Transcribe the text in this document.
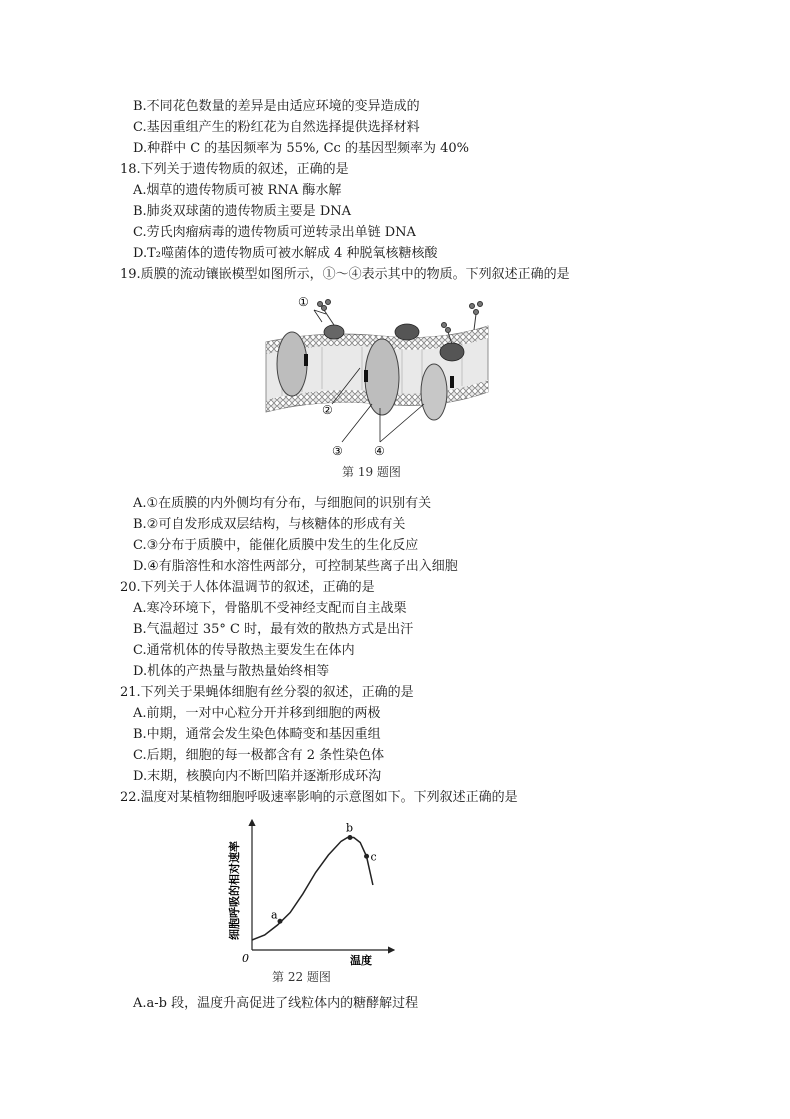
B.不同花色数量的差异是由适应环境的变异造成的
C.基因重组产生的粉红花为自然选择提供选择材料
D.种群中 C 的基因频率为 55%, Cc 的基因型频率为 40%
18.下列关于遗传物质的叙述，正确的是
A.烟草的遗传物质可被 RNA 酶水解
B.肺炎双球菌的遗传物质主要是 DNA
C.劳氏肉瘤病毒的遗传物质可逆转录出单链 DNA
D.T₂噬菌体的遗传物质可被水解成 4 种脱氧核糖核酸
19.质膜的流动镶嵌模型如图所示，①～④表示其中的物质。下列叙述正确的是
①
②
③	④
第 19 题图
A.①在质膜的内外侧均有分布，与细胞间的识别有关
B.②可自发形成双层结构，与核糖体的形成有关
C.③分布于质膜中，能催化质膜中发生的生化反应
D.④有脂溶性和水溶性两部分，可控制某些离子出入细胞
20.下列关于人体体温调节的叙述，正确的是
A.寒冷环境下，骨骼肌不受神经支配而自主战栗
B.气温超过 35° C 时，最有效的散热方式是出汗
C.通常机体的传导散热主要发生在体内
D.机体的产热量与散热量始终相等
21.下列关于果蝇体细胞有丝分裂的叙述，正确的是
A.前期，一对中心粒分开并移到细胞的两极
B.中期，通常会发生染色体畸变和基因重组
C.后期，细胞的每一极都含有 2 条性染色体
D.末期，核膜向内不断凹陷并逐渐形成环沟
22.温度对某植物细胞呼吸速率影响的示意图如下。下列叙述正确的是
细胞呼吸的相对速率
温度
0
a
b
c
第 22 题图
A.a-b 段，温度升高促进了线粒体内的糖酵解过程
